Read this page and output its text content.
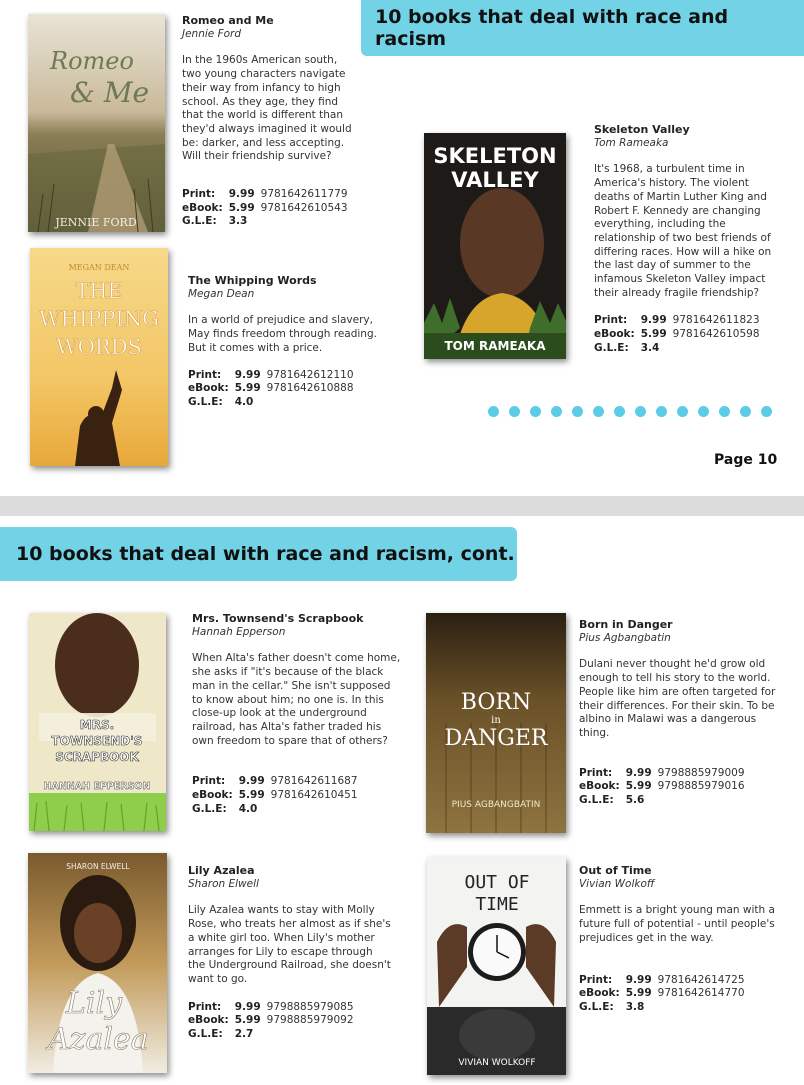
10 books that deal with race and racism
Romeo
& Me
JENNIE FORD
Romeo and Me
Jennie Ford
In the 1960s American south, two young characters navigate their way from infancy to high school. As they age, they find that the world is different than they'd always imagined it would be: darker, and less accepting. Will their friendship survive?
Print:	9.99 9781642611779
eBook: 5.99 9781642610543
G.L.E:	3.3
SKELETON
VALLEY
TOM RAMEAKA
Skeleton Valley
Tom Rameaka
It's 1968, a turbulent time in America's history. The violent deaths of Martin Luther King and Robert F. Kennedy are changing everything, including the relationship of two best friends of differing races. How will a hike on the last day of summer to the infamous Skeleton Valley impact their already fragile friendship?
Print:	9.99 9781642611823
eBook: 5.99 9781642610598
G.L.E:	3.4
MEGAN DEAN
THE
WHIPPING
WORDS
The Whipping Words
Megan Dean
In a world of prejudice and slavery, May finds freedom through reading. But it comes with a price.
Print:	9.99 9781642612110
eBook: 5.99 9781642610888
G.L.E:	4.0
Page 10
10 books that deal with race and racism, cont.
MRS.
TOWNSEND'S
SCRAPBOOK
HANNAH EPPERSON
Mrs. Townsend's Scrapbook
Hannah Epperson
When Alta's father doesn't come home, she asks if "it's because of the black man in the cellar." She isn't supposed to know about him; no one is. In this close-up look at the underground railroad, has Alta's father traded his own freedom to spare that of others?
Print:	9.99 9781642611687
eBook: 5.99 9781642610451
G.L.E:	4.0
BORN
in
DANGER
PIUS AGBANGBATIN
Born in Danger
Pius Agbangbatin
Dulani never thought he'd grow old enough to tell his story to the world. People like him are often targeted for their differences. For their skin. To be albino in Malawi was a dangerous thing.
Print:	9.99 9798885979009
eBook: 5.99 9798885979016
G.L.E:	5.6
SHARON ELWELL
Lily
Azalea
Lily Azalea
Sharon Elwell
Lily Azalea wants to stay with Molly Rose, who treats her almost as if she's a white girl too. When Lily's mother arranges for Lily to escape through the Underground Railroad, she doesn't want to go.
Print:	9.99 9798885979085
eBook: 5.99 9798885979092
G.L.E:	2.7
OUT OF
TIME
VIVIAN WOLKOFF
Out of Time
Vivian Wolkoff
Emmett is a bright young man with a future full of potential - until people's prejudices get in the way.
Print:	9.99 9781642614725
eBook: 5.99 9781642614770
G.L.E:	3.8
